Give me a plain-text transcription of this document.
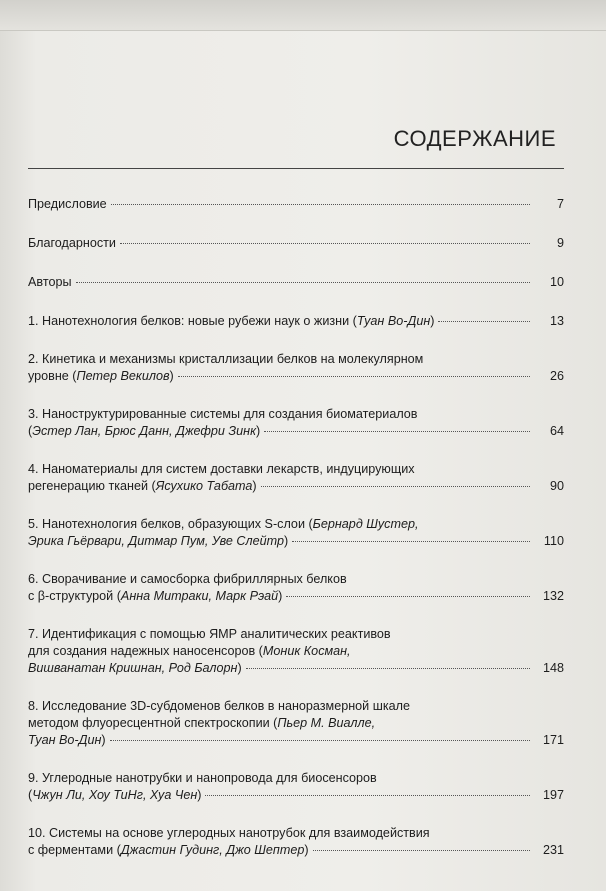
СОДЕРЖАНИЕ
Предисловие	7
Благодарности	9
Авторы	10
1. Нанотехнология белков: новые рубежи наук о жизни (Туан Во-Дин)	13
2. Кинетика и механизмы кристаллизации белков на молекулярном
уровне (Петер Векилов)	26
3. Наноструктурированные системы для создания биоматериалов
(Эстер Лан, Брюс Данн, Джефри Зинк)	64
4. Наноматериалы для систем доставки лекарств, индуцирующих
регенерацию тканей (Ясухико Табата)	90
5. Нанотехнология белков, образующих S-слои (Бернард Шустер,
Эрика Гьёрвари, Дитмар Пум, Уве Слейтр)	110
6. Сворачивание и самосборка фибриллярных белков
с β-структурой (Анна Митраки, Марк Рэай)	132
7. Идентификация с помощью ЯМР аналитических реактивов
для создания надежных наносенсоров (Моник Косман,
Вишванатан Кришнан, Род Балорн)	148
8. Исследование 3D-субдоменов белков в наноразмерной шкале
методом флуоресцентной спектроскопии (Пьер М. Виалле,
Туан Во-Дин)	171
9. Углеродные нанотрубки и нанопровода для биосенсоров
(Чжун Ли, Хоу ТиНг, Хуа Чен)	197
10. Системы на основе углеродных нанотрубок для взаимодействия
с ферментами (Джастин Гудинг, Джо Шептер)	231
